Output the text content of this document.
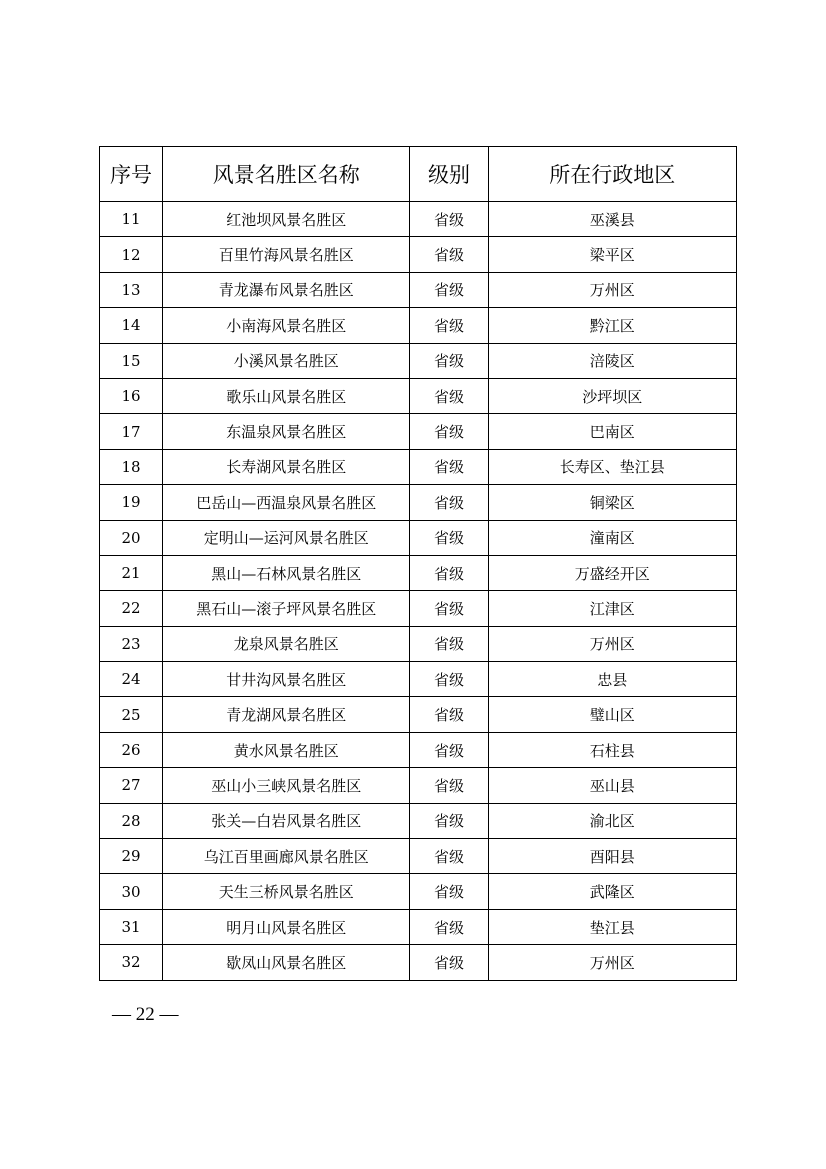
序号	风景名胜区名称	级别	所在行政地区
11	红池坝风景名胜区	省级	巫溪县
12	百里竹海风景名胜区	省级	梁平区
13	青龙瀑布风景名胜区	省级	万州区
14	小南海风景名胜区	省级	黔江区
15	小溪风景名胜区	省级	涪陵区
16	歌乐山风景名胜区	省级	沙坪坝区
17	东温泉风景名胜区	省级	巴南区
18	长寿湖风景名胜区	省级	长寿区、垫江县
19	巴岳山—西温泉风景名胜区	省级	铜梁区
20	定明山—运河风景名胜区	省级	潼南区
21	黑山—石林风景名胜区	省级	万盛经开区
22	黑石山—滚子坪风景名胜区	省级	江津区
23	龙泉风景名胜区	省级	万州区
24	甘井沟风景名胜区	省级	忠县
25	青龙湖风景名胜区	省级	璧山区
26	黄水风景名胜区	省级	石柱县
27	巫山小三峡风景名胜区	省级	巫山县
28	张关—白岩风景名胜区	省级	渝北区
29	乌江百里画廊风景名胜区	省级	酉阳县
30	天生三桥风景名胜区	省级	武隆区
31	明月山风景名胜区	省级	垫江县
32	歇凤山风景名胜区	省级	万州区
— 22 —
